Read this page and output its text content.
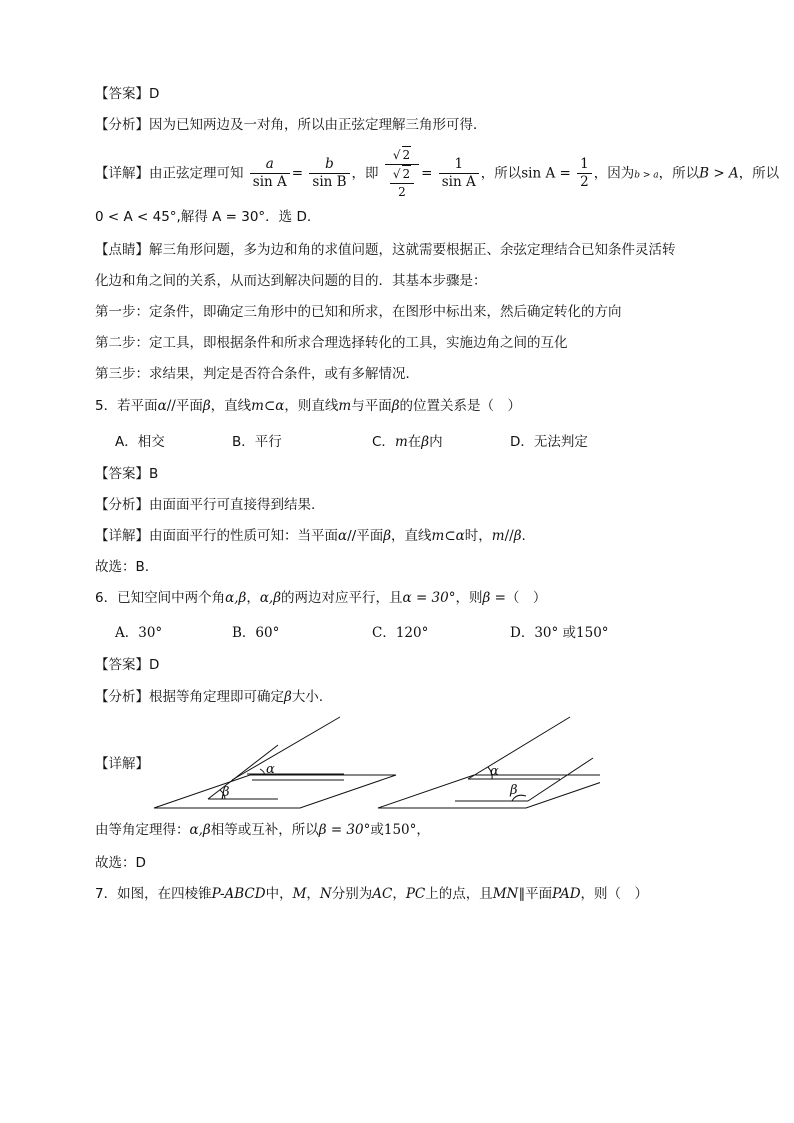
【答案】D
【分析】因为已知两边及一对角，所以由正弦定理解三角形可得．
【详解】由正弦定理可知 $\frac{a}{\text{sin A}} = \frac{b}{\text{sin B}}$ ，即 $\frac{√ 2}{\frac{√ 2}{2}} = \frac{1}{\text{sin A}}$ ，所以$\sin A = \frac{1}{2}$ ，因为b > a，所以B > A，所以
0 < A < 45°,解得 A = 30°．选 D.
【点睛】解三角形问题，多为边和角的求值问题，这就需要根据正、余弦定理结合已知条件灵活转
化边和角之间的关系，从而达到解决问题的目的．其基本步骤是：
第一步：定条件，即确定三角形中的已知和所求，在图形中标出来，然后确定转化的方向
第二步：定工具，即根据条件和所求合理选择转化的工具，实施边角之间的互化
第三步：求结果，判定是否符合条件，或有多解情况．
5．若平面α//平面β，直线m⊂α，则直线m与平面β的位置关系是（　）
A．相交	B．平行	C．m在β内	D．无法判定
【答案】B
【分析】由面面平行可直接得到结果.
【详解】由面面平行的性质可知：当平面α//平面β，直线m⊂α时，m//β.
故选：B.
6．已知空间中两个角α,β，α,β的两边对应平行，且α = 30°，则β =（　）
A．30°	B．60°	C．120°	D．30° 或150°
【答案】D
【分析】根据等角定理即可确定β大小.
【详解】	α
β
α
β
由等角定理得：α,β相等或互补，所以β = 30°或150°，
故选：D
7．如图，在四棱锥P-ABCD中，M，N分别为AC，PC上的点，且MN∥平面PAD，则（　）
